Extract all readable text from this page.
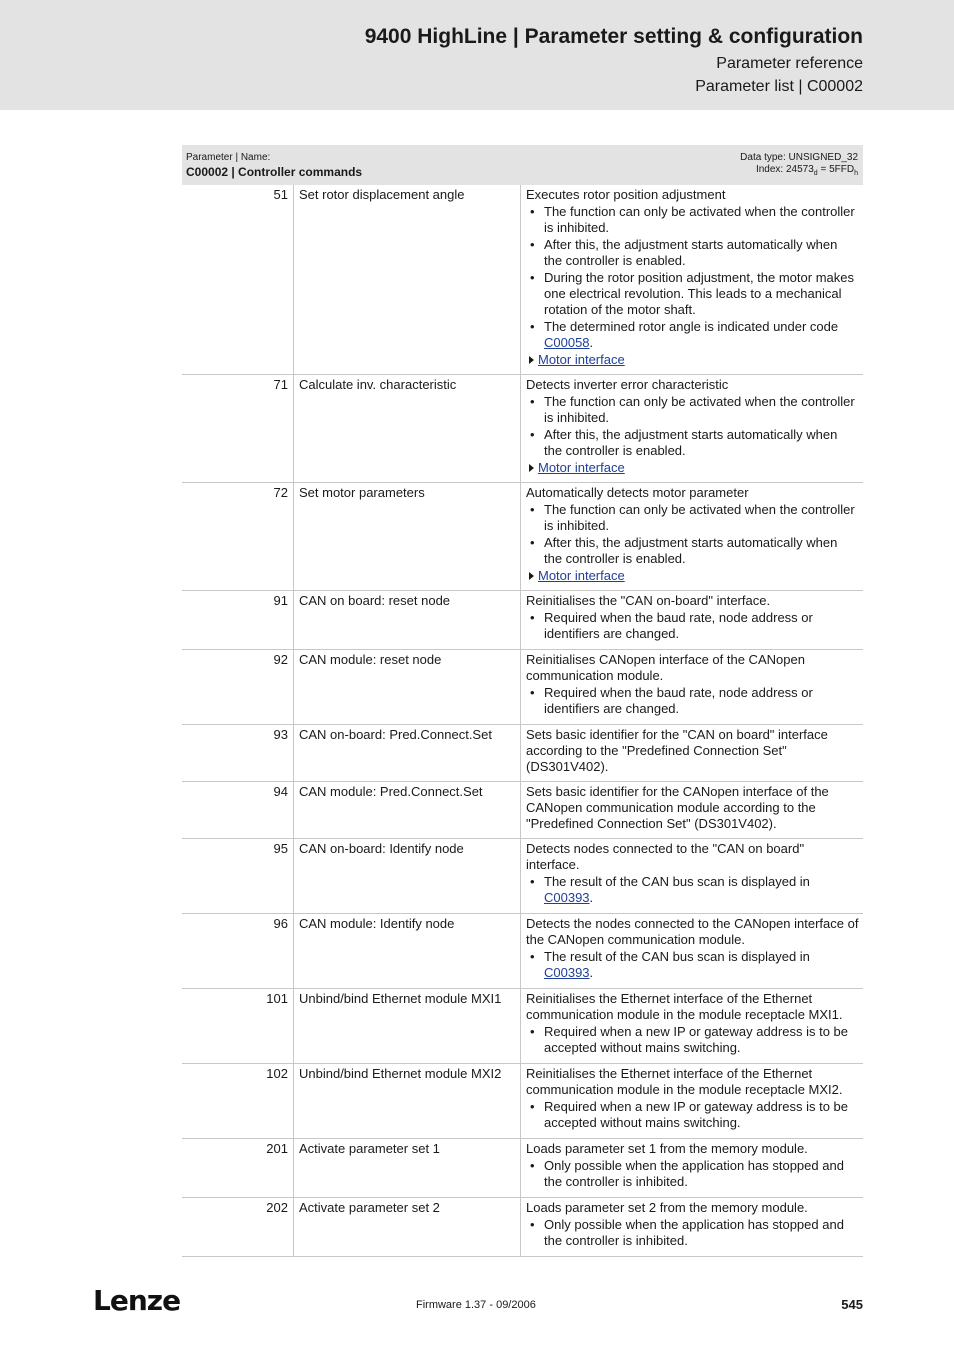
9400 HighLine | Parameter setting & configuration
Parameter reference
Parameter list | C00002
Parameter | Name:
C00002 | Controller commands
Data type: UNSIGNED_32
Index: $24573_d = 5FFD_h$
51 Set rotor displacement angle	Executes rotor position adjustment
• The function can only be activated when the controller is inhibited.
• After this, the adjustment starts automatically when the controller is enabled.
• During the rotor position adjustment, the motor makes one electrical revolution. This leads to a mechanical rotation of the motor shaft.
• The determined rotor angle is indicated under code C00058.
Motor interface
71 Calculate inv. characteristic	Detects inverter error characteristic
• The function can only be activated when the controller is inhibited.
• After this, the adjustment starts automatically when the controller is enabled.
Motor interface
72 Set motor parameters	Automatically detects motor parameter
• The function can only be activated when the controller is inhibited.
• After this, the adjustment starts automatically when the controller is enabled.
Motor interface
91 CAN on board: reset node	Reinitialises the "CAN on-board" interface.
• Required when the baud rate, node address or identifiers are changed.
92 CAN module: reset node	Reinitialises CANopen interface of the CANopen communication module.
• Required when the baud rate, node address or identifiers are changed.
93 CAN on-board: Pred.Connect.Set	Sets basic identifier for the "CAN on board" interface according to the "Predefined Connection Set" (DS301V402).
94 CAN module: Pred.Connect.Set	Sets basic identifier for the CANopen interface of the CANopen communication module according to the "Predefined Connection Set" (DS301V402).
95 CAN on-board: Identify node	Detects nodes connected to the "CAN on board" interface.
• The result of the CAN bus scan is displayed in C00393.
96 CAN module: Identify node	Detects the nodes connected to the CANopen interface of the CANopen communication module.
• The result of the CAN bus scan is displayed in C00393.
101 Unbind/bind Ethernet module MXI1	Reinitialises the Ethernet interface of the Ethernet communication module in the module receptacle MXI1.
• Required when a new IP or gateway address is to be accepted without mains switching.
102 Unbind/bind Ethernet module MXI2	Reinitialises the Ethernet interface of the Ethernet communication module in the module receptacle MXI2.
• Required when a new IP or gateway address is to be accepted without mains switching.
201 Activate parameter set 1	Loads parameter set 1 from the memory module.
• Only possible when the application has stopped and the controller is inhibited.
202 Activate parameter set 2	Loads parameter set 2 from the memory module.
• Only possible when the application has stopped and the controller is inhibited.
Lenze	Firmware 1.37 - 09/2006	545
